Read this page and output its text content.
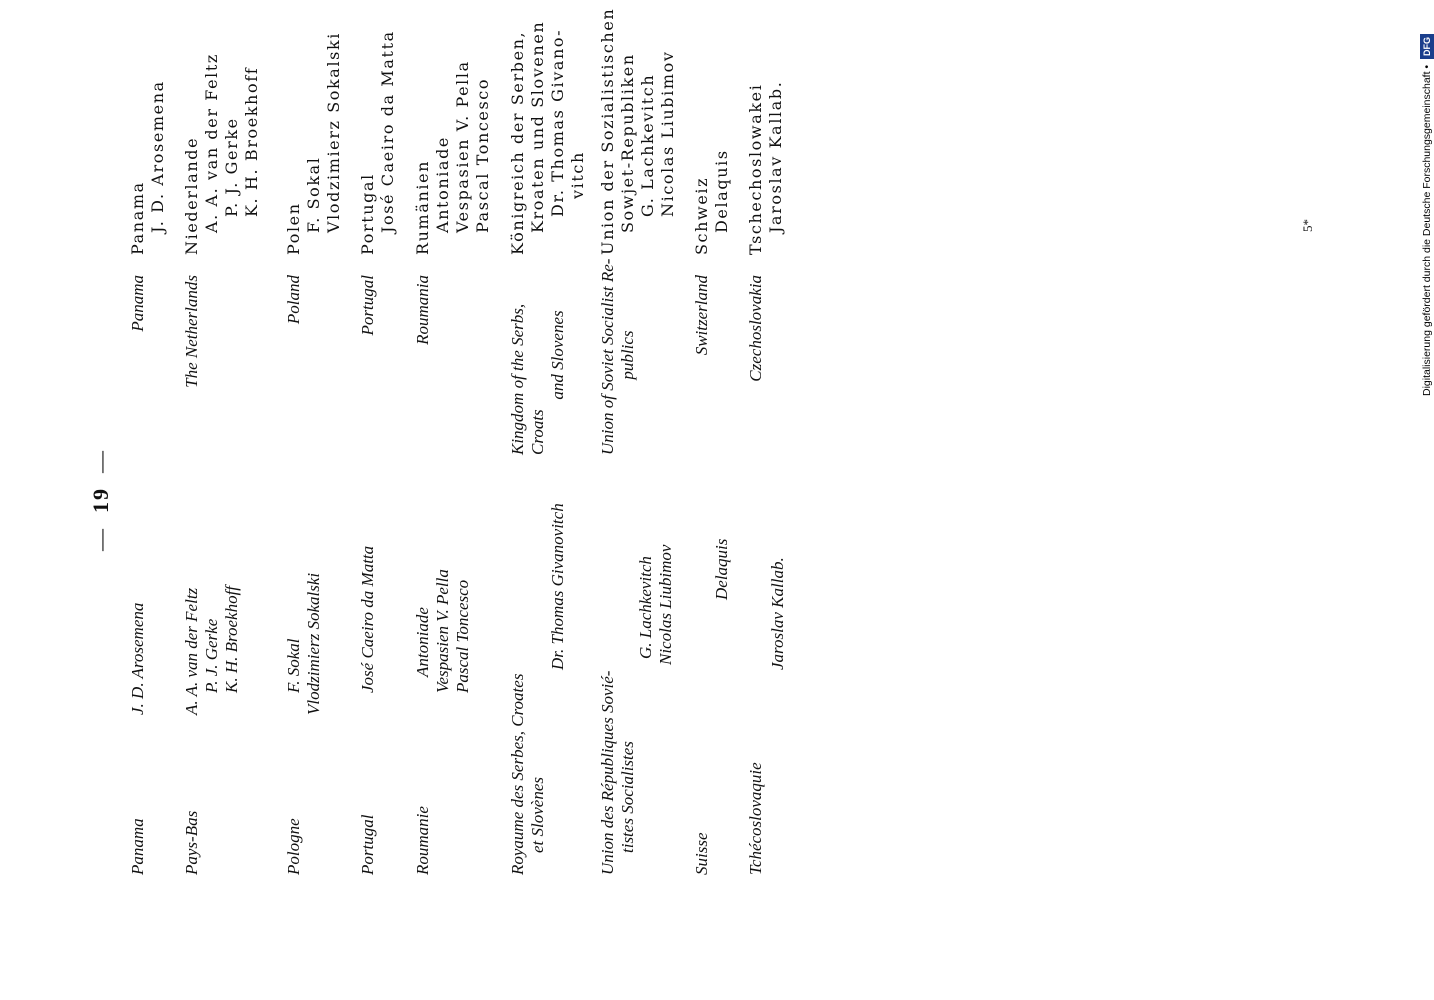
—19—
Panama
J. D. Arosemena
Panama
Panama J. D. Arosemena
Pays-Bas
A. A. van der Feltz P. J. Gerke K. H. Broekhoff
The Netherlands
Niederlande A. A. van der Feltz P. J. Gerke K. H. Broekhoff
Pologne
F. Sokal Vlodzimierz Sokalski
Poland
Polen F. Sokal Vlodzimierz Sokalski
Portugal
José Caeiro da Matta
Portugal
Portugal José Caeiro da Matta
Roumanie
Antoniade Vespasien V. Pella Pascal Toncesco
Roumania
Rumänien Antoniade Vespasien V. Pella Pascal Toncesco
Royaume des Serbes, Croates et Slovènes
Dr. Thomas Givanovitch
Kingdom of the Serbs, Croats
and Slovenes
Königreich der Serben, Kroaten und Slovenen Dr. Thomas Givano- vitch
Union des Républiques Sovié- tistes Socialistes
G. Lachkevitch Nicolas Liubimov
Union of Soviet Socialist Re- publics
Union der Sozialistischen Sowjet-Republiken G. Lachkevitch Nicolas Liubimov
Suisse
Delaquis
Switzerland
Schweiz Delaquis
Tchécoslovaquie
Jaroslav Kallab.
Czechoslovakia
Tschechoslowakei Jaroslav Kallab.	5*	Digitalisierung gefördert durch die Deutsche Forschungsgemeinschaft • DFG
